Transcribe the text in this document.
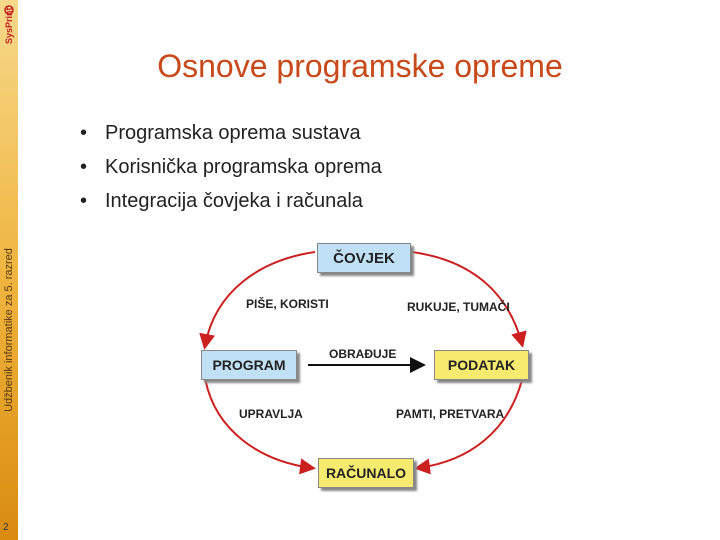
SysPrint
Udžbenik informatike za 5. razred
2
Osnove programske opreme
• Programska oprema sustava
• Korisnička programska oprema
• Integracija čovjeka i računala
ČOVJEK
PROGRAM	PODATAK
RAČUNALO
PIŠE, KORISTI	RUKUJE, TUMAČI
OBRAĐUJE
UPRAVLJA	PAMTI, PRETVARA
